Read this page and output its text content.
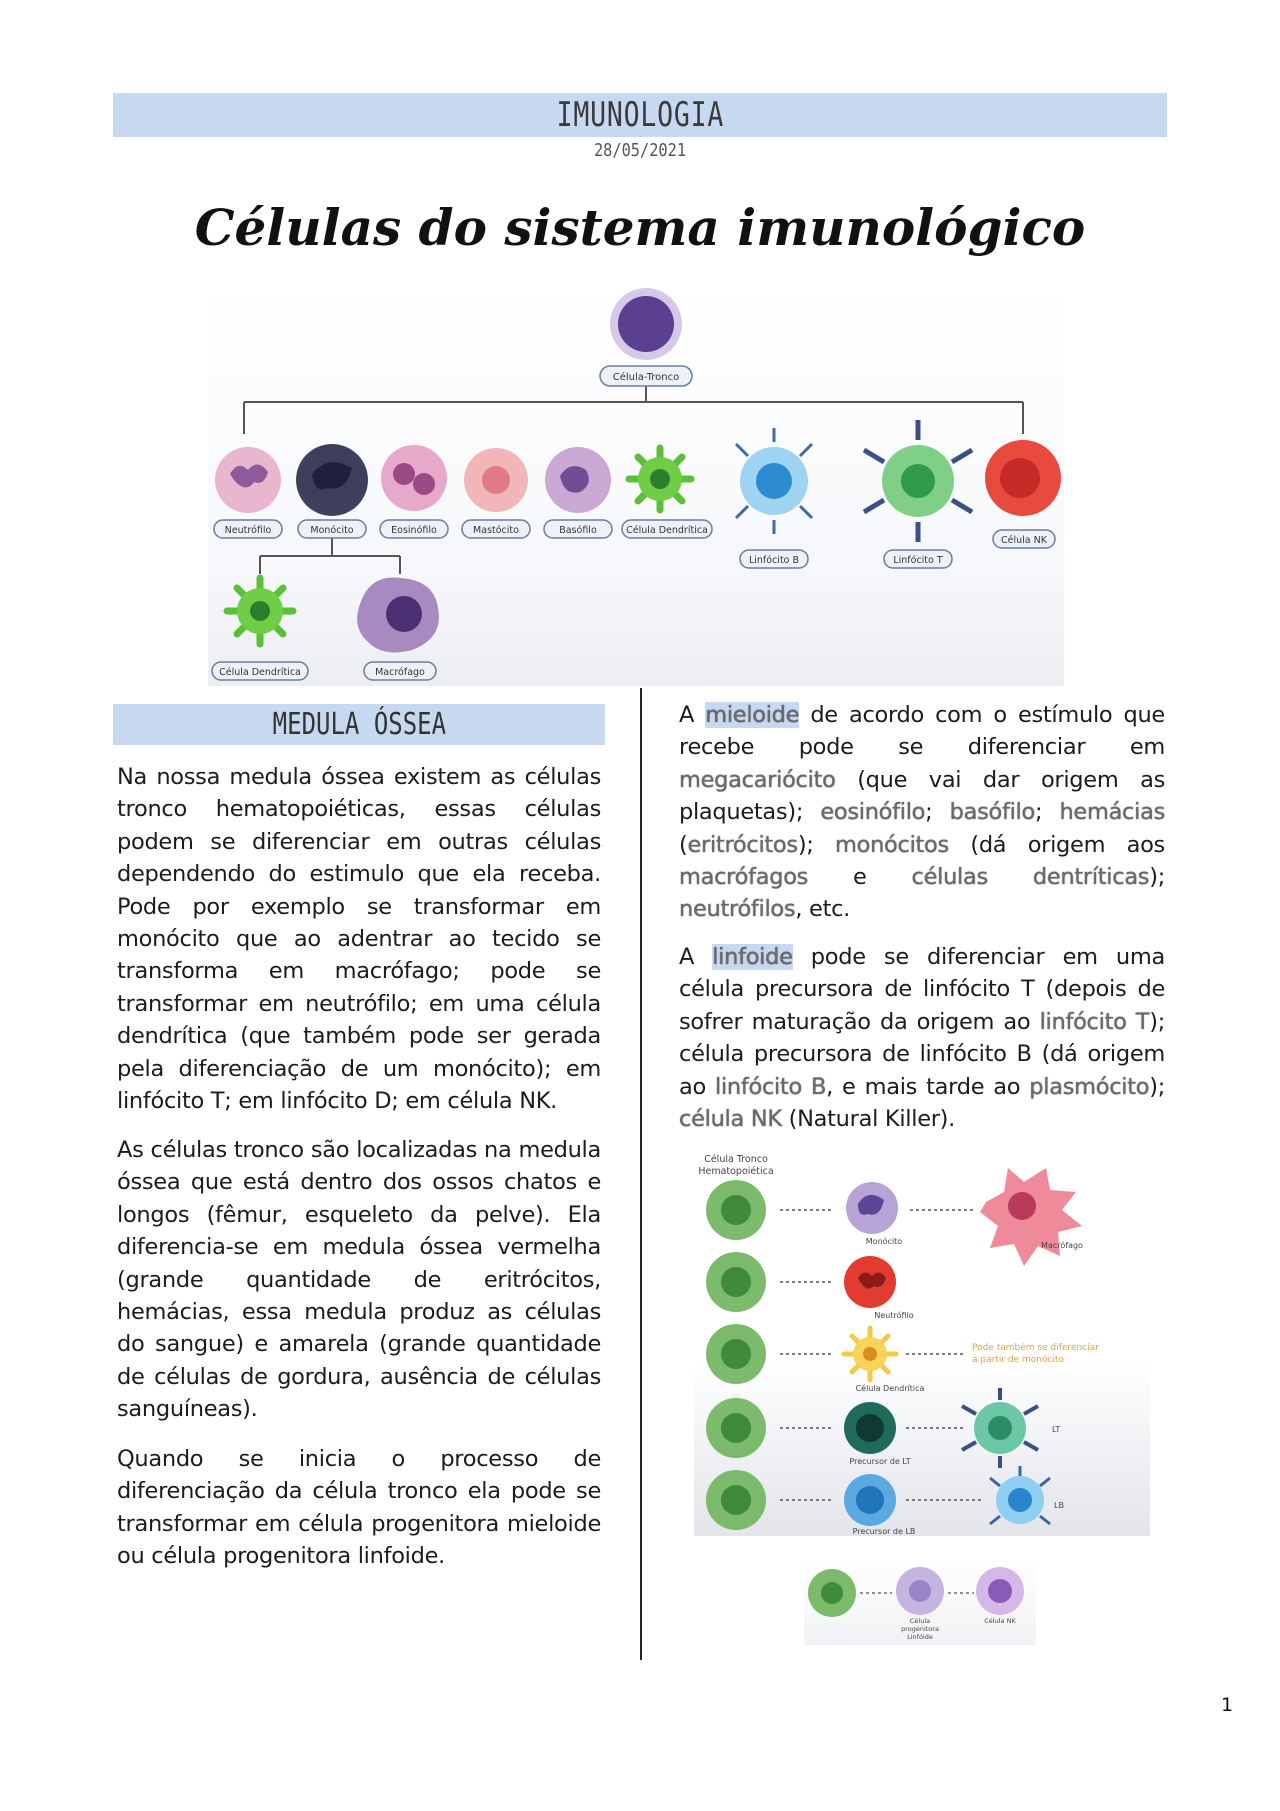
IMUNOLOGIA
28/05/2021
Células do sistema imunológico
Célula-Tronco
Neutrófilo	Monócito	Eosinófilo	Mastócito	Basófilo	Célula Dendrítica
Linfócito B	Linfócito T
Célula NK
Célula Dendrítica	Macrófago
MEDULA ÓSSEA

Na nossa medula óssea existem as células tronco hematopoiéticas, essas células podem se diferenciar em outras células dependendo do estimulo que ela receba. Pode por exemplo se transformar em monócito que ao adentrar ao tecido se transforma em macrófago; pode se transformar em neutrófilo; em uma célula dendrítica (que também pode ser gerada pela diferenciação de um monócito); em linfócito T; em linfócito D; em célula NK.

As células tronco são localizadas na medula óssea que está dentro dos ossos chatos e longos (fêmur, esqueleto da pelve). Ela diferencia-se em medula óssea vermelha (grande quantidade de eritrócitos, hemácias, essa medula produz as células do sangue) e amarela (grande quantidade de células de gordura, ausência de células sanguíneas).

Quando se inicia o processo de diferenciação da célula tronco ela pode se transformar em célula progenitora mieloide ou célula progenitora linfoide.

A mieloide de acordo com o estímulo que recebe pode se diferenciar em megacariócito (que vai dar origem as plaquetas); eosinófilo; basófilo; hemácias (eritrócitos); monócitos (dá origem aos macrófagos e células dentríticas); neutrófilos, etc.

A linfoide pode se diferenciar em uma célula precursora de linfócito T (depois de sofrer maturação da origem ao linfócito T); célula precursora de linfócito B (dá origem ao linfócito B, e mais tarde ao plasmócito); célula NK (Natural Killer).

Célula Tronco
Hematopoiética
Monócito	Macrófago
Neutrófilo
Célula Dendrítica
Pode também se diferenciar
a partir de monócito
Precursor de LT
LT
Precursor de LB
LB
Célula
progenitora
Linfóide
Célula NK
1
